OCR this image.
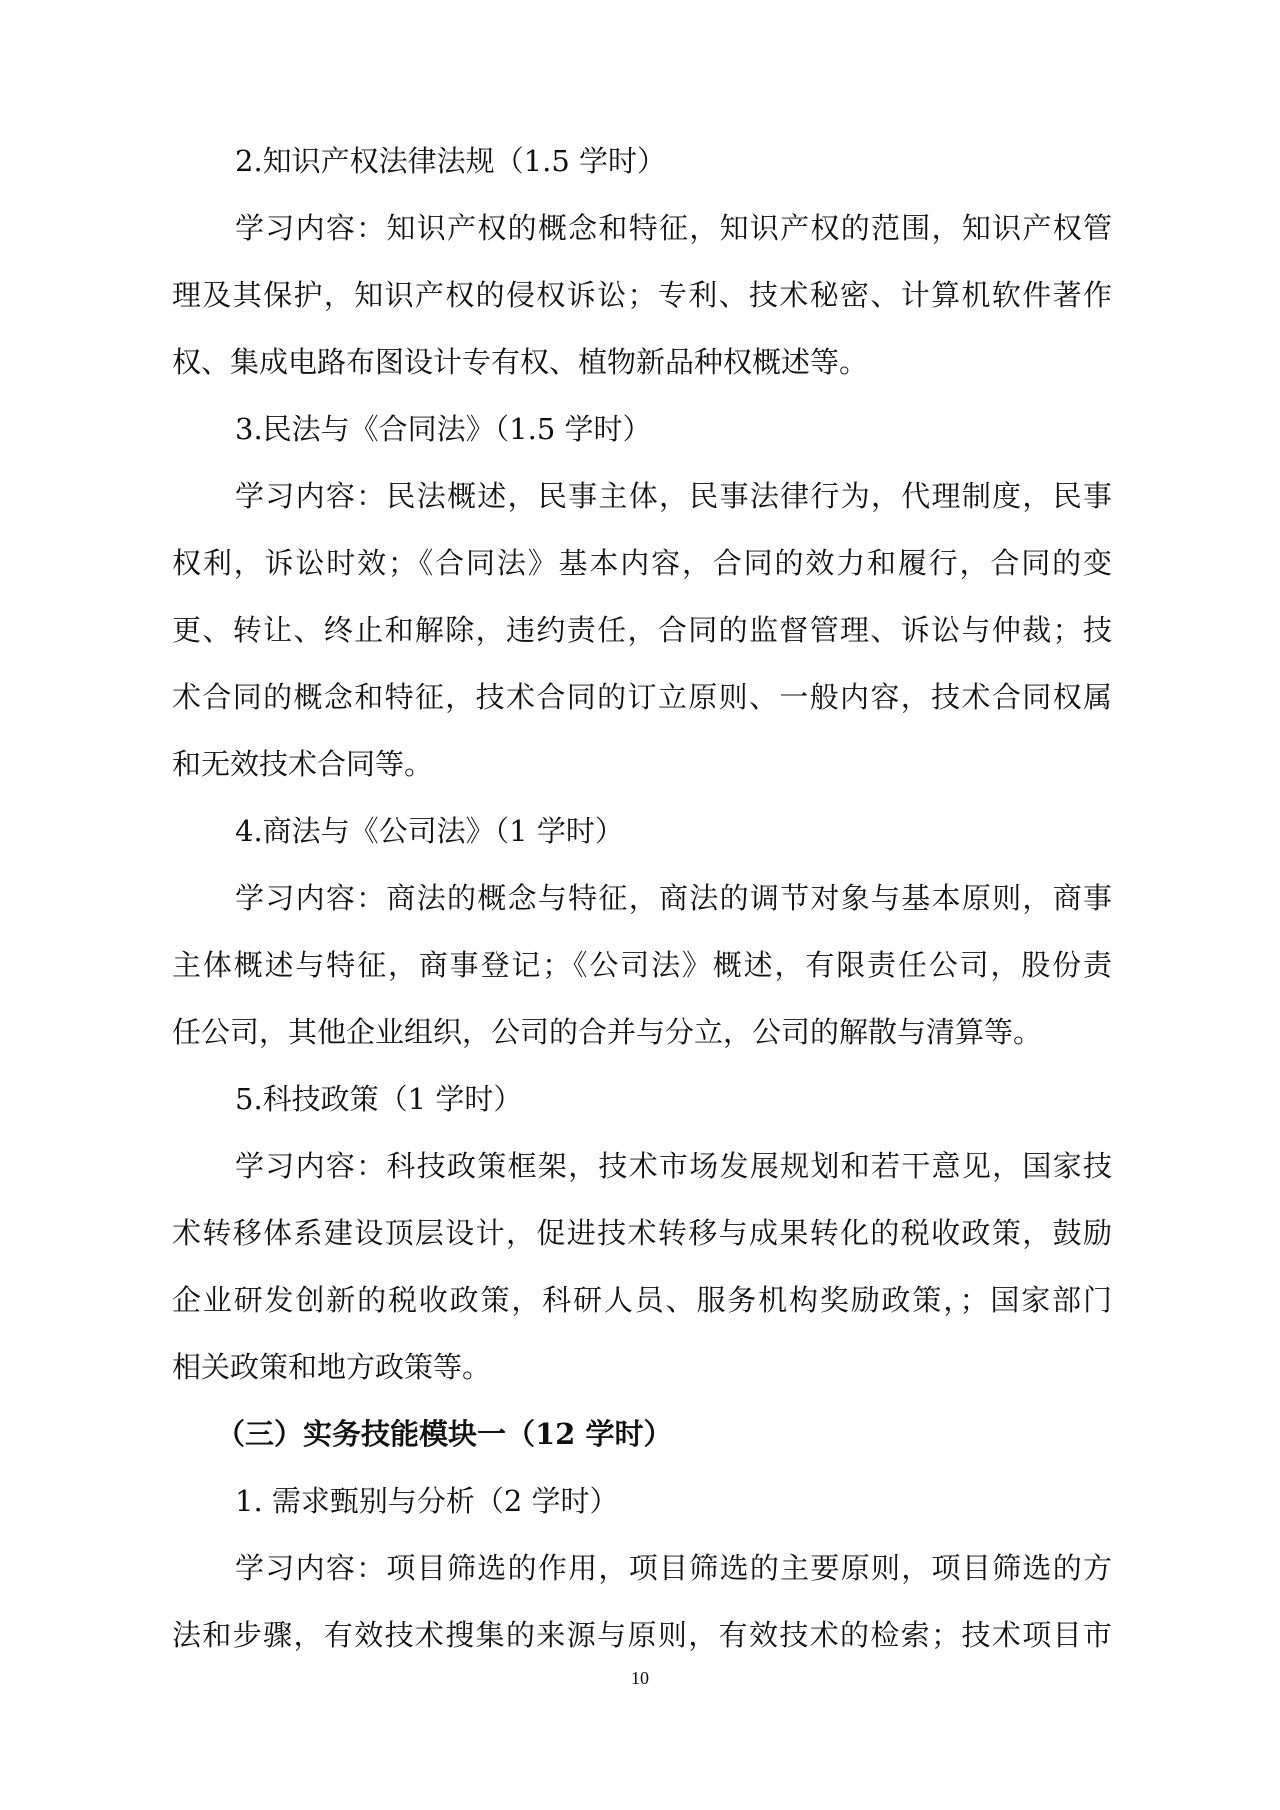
2.知识产权法律法规（1.5 学时）
学习内容：知识产权的概念和特征，知识产权的范围，知识产权管
理及其保护，知识产权的侵权诉讼；专利、技术秘密、计算机软件著作
权、集成电路布图设计专有权、植物新品种权概述等。
3.民法与《合同法》（1.5 学时）
学习内容：民法概述，民事主体，民事法律行为，代理制度，民事
权利，诉讼时效；《合同法》基本内容，合同的效力和履行，合同的变
更、转让、终止和解除，违约责任，合同的监督管理、诉讼与仲裁；技
术合同的概念和特征，技术合同的订立原则、一般内容，技术合同权属
和无效技术合同等。
4.商法与《公司法》（1 学时）
学习内容：商法的概念与特征，商法的调节对象与基本原则，商事
主体概述与特征，商事登记；《公司法》概述，有限责任公司，股份责
任公司，其他企业组织，公司的合并与分立，公司的解散与清算等。
5.科技政策（1 学时）
学习内容：科技政策框架，技术市场发展规划和若干意见，国家技
术转移体系建设顶层设计，促进技术转移与成果转化的税收政策，鼓励
企业研发创新的税收政策，科研人员、服务机构奖励政策，；国家部门
相关政策和地方政策等。
（三）实务技能模块一（12 学时）
1. 需求甄别与分析（2 学时）
学习内容：项目筛选的作用，项目筛选的主要原则，项目筛选的方
法和步骤，有效技术搜集的来源与原则，有效技术的检索；技术项目市
10
